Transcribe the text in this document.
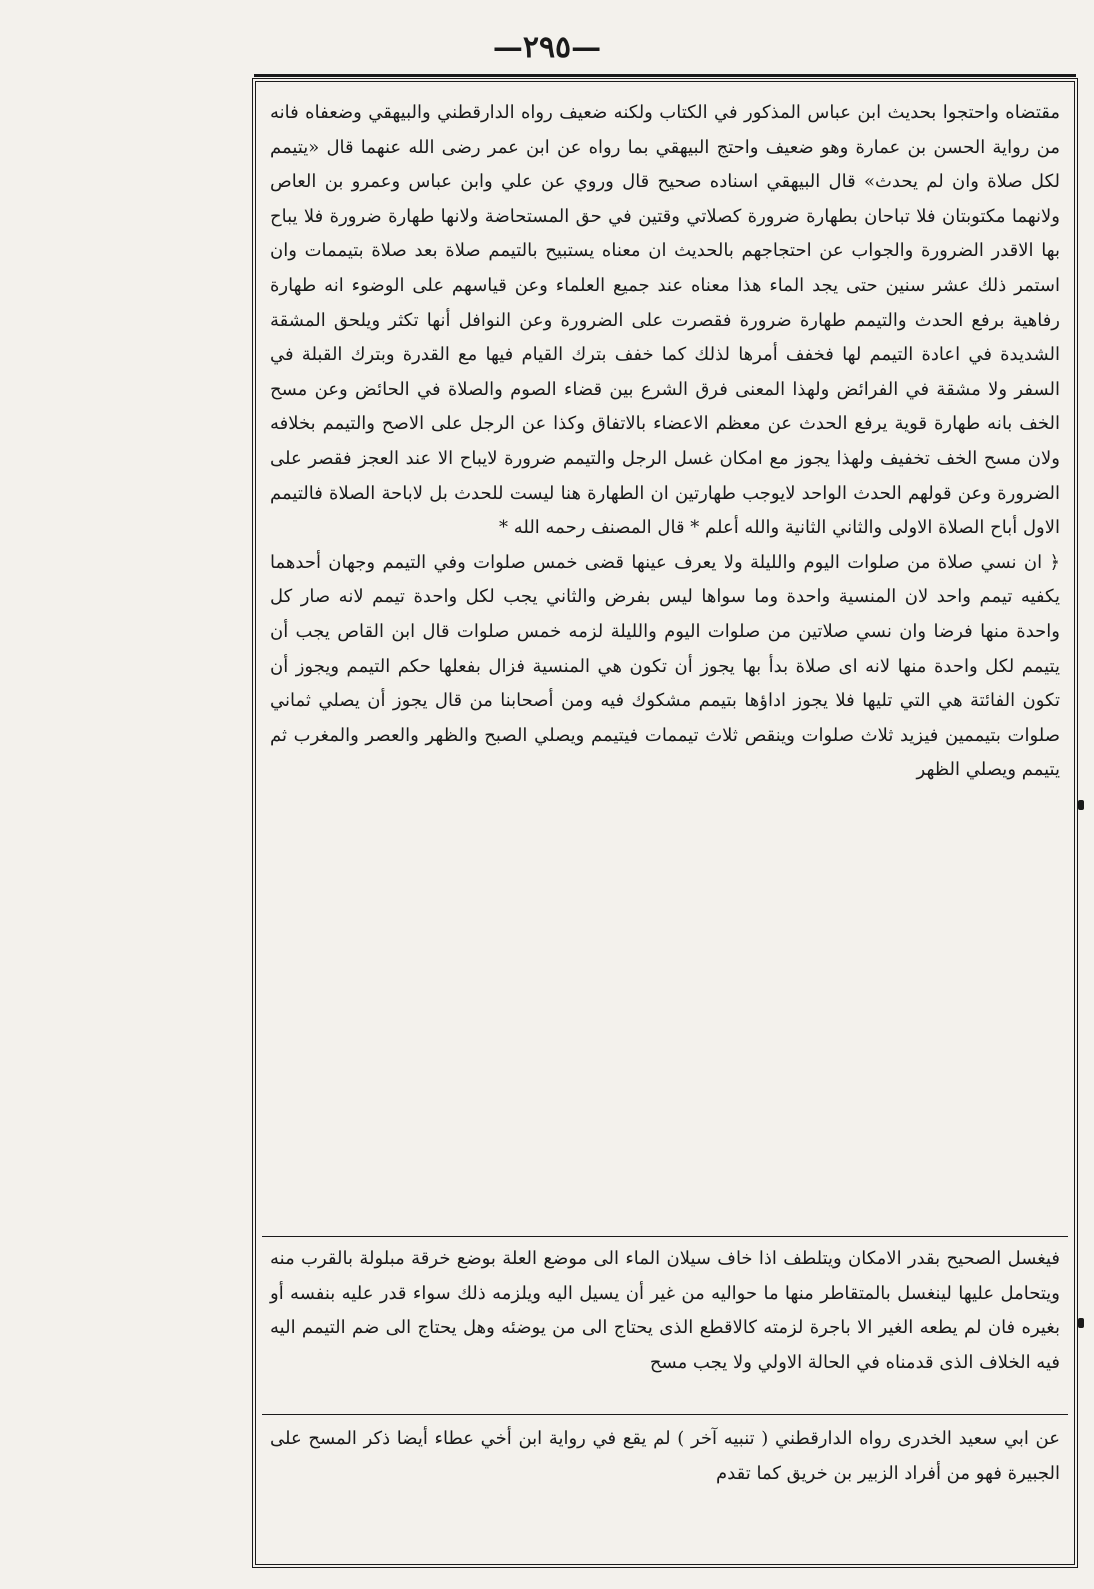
—٢٩٥—

مقتضاه واحتجوا بحديث ابن عباس المذكور في الكتاب ولكنه ضعيف رواه الدارقطني والبيهقي وضعفاه فانه من رواية الحسن بن عمارة وهو ضعيف واحتج البيهقي بما رواه عن ابن عمر رضى الله عنهما قال «يتيمم لكل صلاة وان لم يحدث» قال البيهقي اسناده صحيح قال وروي عن علي وابن عباس وعمرو بن العاص ولانهما مكتوبتان فلا تباحان بطهارة ضرورة كصلاتي وقتين في حق المستحاضة ولانها طهارة ضرورة فلا يباح بها الاقدر الضرورة والجواب عن احتجاجهم بالحديث ان معناه يستبيح بالتيمم صلاة بعد صلاة بتيممات وان استمر ذلك عشر سنين حتى يجد الماء هذا معناه عند جميع العلماء وعن قياسهم على الوضوء انه طهارة رفاهية برفع الحدث والتيمم طهارة ضرورة فقصرت على الضرورة وعن النوافل أنها تكثر ويلحق المشقة الشديدة في اعادة التيمم لها فخفف أمرها لذلك كما خفف بترك القيام فيها مع القدرة وبترك القبلة في السفر ولا مشقة في الفرائض ولهذا المعنى فرق الشرع بين قضاء الصوم والصلاة في الحائض وعن مسح الخف بانه طهارة قوية يرفع الحدث عن معظم الاعضاء بالاتفاق وكذا عن الرجل على الاصح والتيمم بخلافه ولان مسح الخف تخفيف ولهذا يجوز مع امكان غسل الرجل والتيمم ضرورة لايباح الا عند العجز فقصر على الضرورة وعن قولهم الحدث الواحد لايوجب طهارتين ان الطهارة هنا ليست للحدث بل لاباحة الصلاة فالتيمم الاول أباح الصلاة الاولى والثاني الثانية والله أعلم * قال المصنف رحمه الله *

﴿ ان نسي صلاة من صلوات اليوم والليلة ولا يعرف عينها قضى خمس صلوات وفي التيمم وجهان أحدهما يكفيه تيمم واحد لان المنسية واحدة وما سواها ليس بفرض والثاني يجب لكل واحدة تيمم لانه صار كل واحدة منها فرضا وان نسي صلاتين من صلوات اليوم والليلة لزمه خمس صلوات قال ابن القاص يجب أن يتيمم لكل واحدة منها لانه اى صلاة بدأ بها يجوز أن تكون هي المنسية فزال بفعلها حكم التيمم ويجوز أن تكون الفائتة هي التي تليها فلا يجوز اداؤها بتيمم مشكوك فيه ومن أصحابنا من قال يجوز أن يصلي ثماني صلوات بتيممين فيزيد ثلاث صلوات وينقص ثلاث تيممات فيتيمم ويصلي الصبح والظهر والعصر والمغرب ثم يتيمم ويصلي الظهر

فيغسل الصحيح بقدر الامكان ويتلطف اذا خاف سيلان الماء الى موضع العلة بوضع خرقة مبلولة بالقرب منه ويتحامل عليها لينغسل بالمتقاطر منها ما حواليه من غير أن يسيل اليه ويلزمه ذلك سواء قدر عليه بنفسه أو بغيره فان لم يطعه الغير الا باجرة لزمته كالاقطع الذى يحتاج الى من يوضئه وهل يحتاج الى ضم التيمم اليه فيه الخلاف الذى قدمناه في الحالة الاولي ولا يجب مسح

عن ابي سعيد الخدرى رواه الدارقطني ( تنبيه آخر ) لم يقع في رواية ابن أخي عطاء أيضا ذكر المسح على الجبيرة فهو من أفراد الزبير بن خريق كما تقدم
